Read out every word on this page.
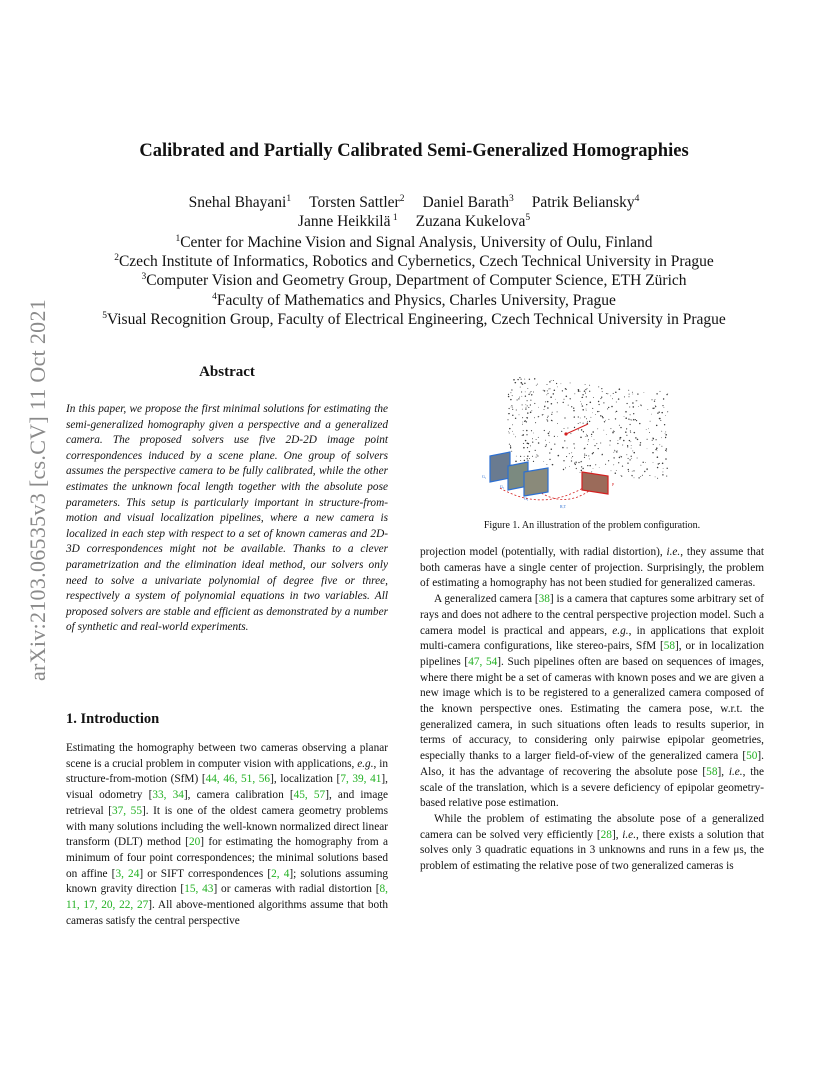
arXiv:2103.06535v3 [cs.CV] 11 Oct 2021
Calibrated and Partially Calibrated Semi-Generalized Homographies
Snehal Bhayani$^1$ Torsten Sattler$^2$ Daniel Barath$^3$ Patrik Beliansky$^4$
Janne Heikkilä $^1$ Zuzana Kukelova$^5$
$^1$Center for Machine Vision and Signal Analysis, University of Oulu, Finland
$^2$Czech Institute of Informatics, Robotics and Cybernetics, Czech Technical University in Prague
$^3$Computer Vision and Geometry Group, Department of Computer Science, ETH Zürich
$^4$Faculty of Mathematics and Physics, Charles University, Prague
$^5$Visual Recognition Group, Faculty of Electrical Engineering, Czech Technical University in Prague
Abstract
In this paper, we propose the first minimal solutions for estimating the semi-generalized homography given a perspective and a generalized camera. The proposed solvers use five 2D-2D image point correspondences induced by a scene plane. One group of solvers assumes the perspective camera to be fully calibrated, while the other estimates the unknown focal length together with the absolute pose parameters. This setup is particularly important in structure-from-motion and visual localization pipelines, where a new camera is localized in each step with respect to a set of known cameras and 2D-3D correspondences might not be available. Thanks to a clever parametrization and the elimination ideal method, our solvers only need to solve a univariate polynomial of degree five or three, respectively a system of polynomial equations in two variables. All proposed solvers are stable and efficient as demonstrated by a number of synthetic and real-world experiments.
1. Introduction

Estimating the homography between two cameras observing a planar scene is a crucial problem in computer vision with applications, e.g., in structure-from-motion (SfM) [44, 46, 51, 56], localization [7, 39, 41], visual odometry [33, 34], camera calibration [45, 57], and image retrieval [37, 55]. It is one of the oldest camera geometry problems with many solutions including the well-known normalized direct linear transform (DLT) method [20] for estimating the homography from a minimum of four point correspondences; the minimal solutions based on affine [3, 24] or SIFT correspondences [2, 4]; solutions assuming known gravity direction [15, 43] or cameras with radial distortion [8, 11, 17, 20, 22, 27]. All above-mentioned algorithms assume that both cameras satisfy the central perspective

G₁
G₂
G₃
P
R,T
Figure 1. An illustration of the problem configuration.

projection model (potentially, with radial distortion), i.e., they assume that both cameras have a single center of projection. Surprisingly, the problem of estimating a homography has not been studied for generalized cameras.

A generalized camera [38] is a camera that captures some arbitrary set of rays and does not adhere to the central perspective projection model. Such a camera model is practical and appears, e.g., in applications that exploit multi-camera configurations, like stereo-pairs, SfM [58], or in localization pipelines [47, 54]. Such pipelines often are based on sequences of images, where there might be a set of cameras with known poses and we are given a new image which is to be registered to a generalized camera composed of the known perspective ones. Estimating the camera pose, w.r.t. the generalized camera, in such situations often leads to results superior, in terms of accuracy, to considering only pairwise epipolar geometries, especially thanks to a larger field-of-view of the generalized camera [50]. Also, it has the advantage of recovering the absolute pose [58], i.e., the scale of the translation, which is a severe deficiency of epipolar geometry-based relative pose estimation.

While the problem of estimating the absolute pose of a generalized camera can be solved very efficiently [28], i.e., there exists a solution that solves only 3 quadratic equations in 3 unknowns and runs in a few μs, the problem of estimating the relative pose of two generalized cameras is
